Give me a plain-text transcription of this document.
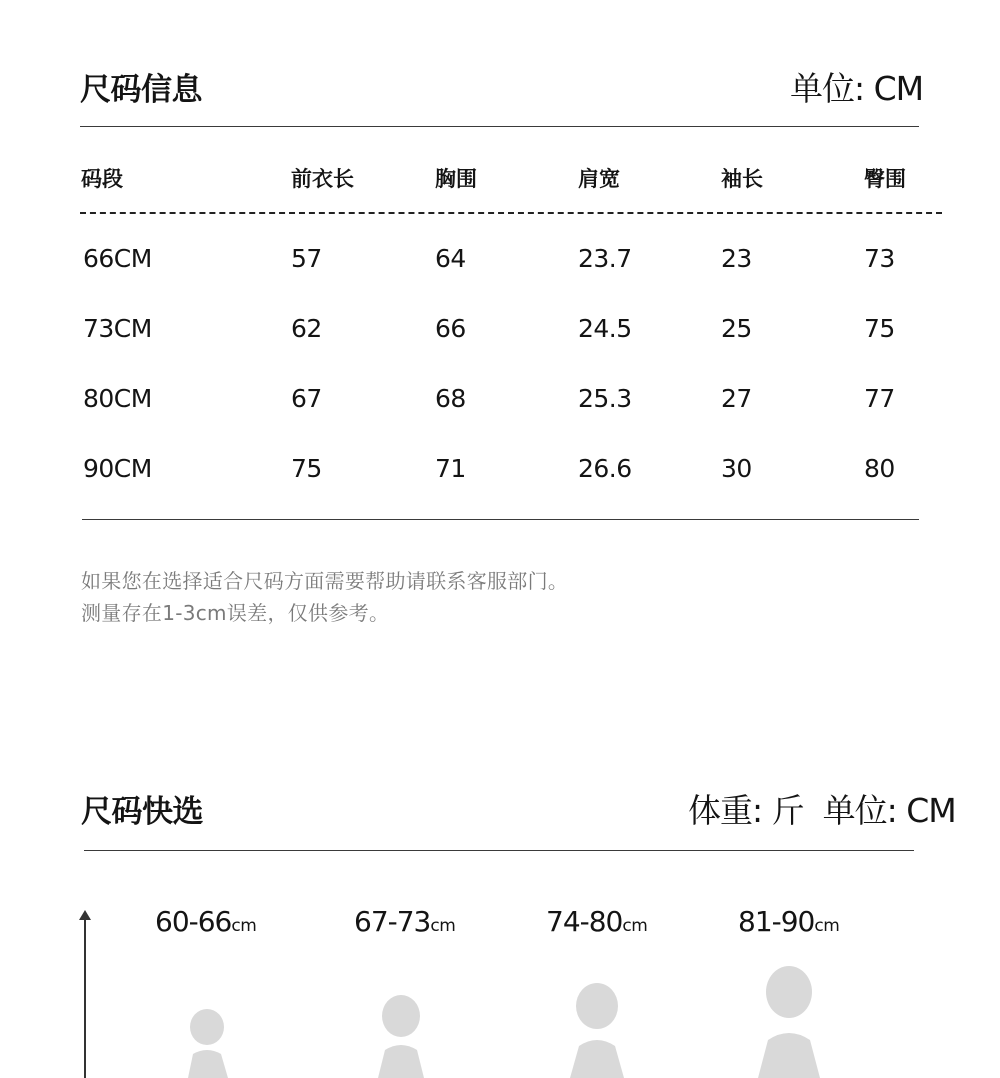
尺码信息	单位: CM
码段	前衣长	胸围	肩宽	袖长	臀围
66CM	57	64	23.7	23	73
73CM	62	66	24.5	25	75
80CM	67	68	25.3	27	77
90CM	75	71	26.6	30	80
如果您在选择适合尺码方面需要帮助请联系客服部门。
测量存在1-3cm误差，仅供参考。
尺码快选	体重: 斤  单位: CM
60-66cm	67-73cm	74-80cm	81-90cm
